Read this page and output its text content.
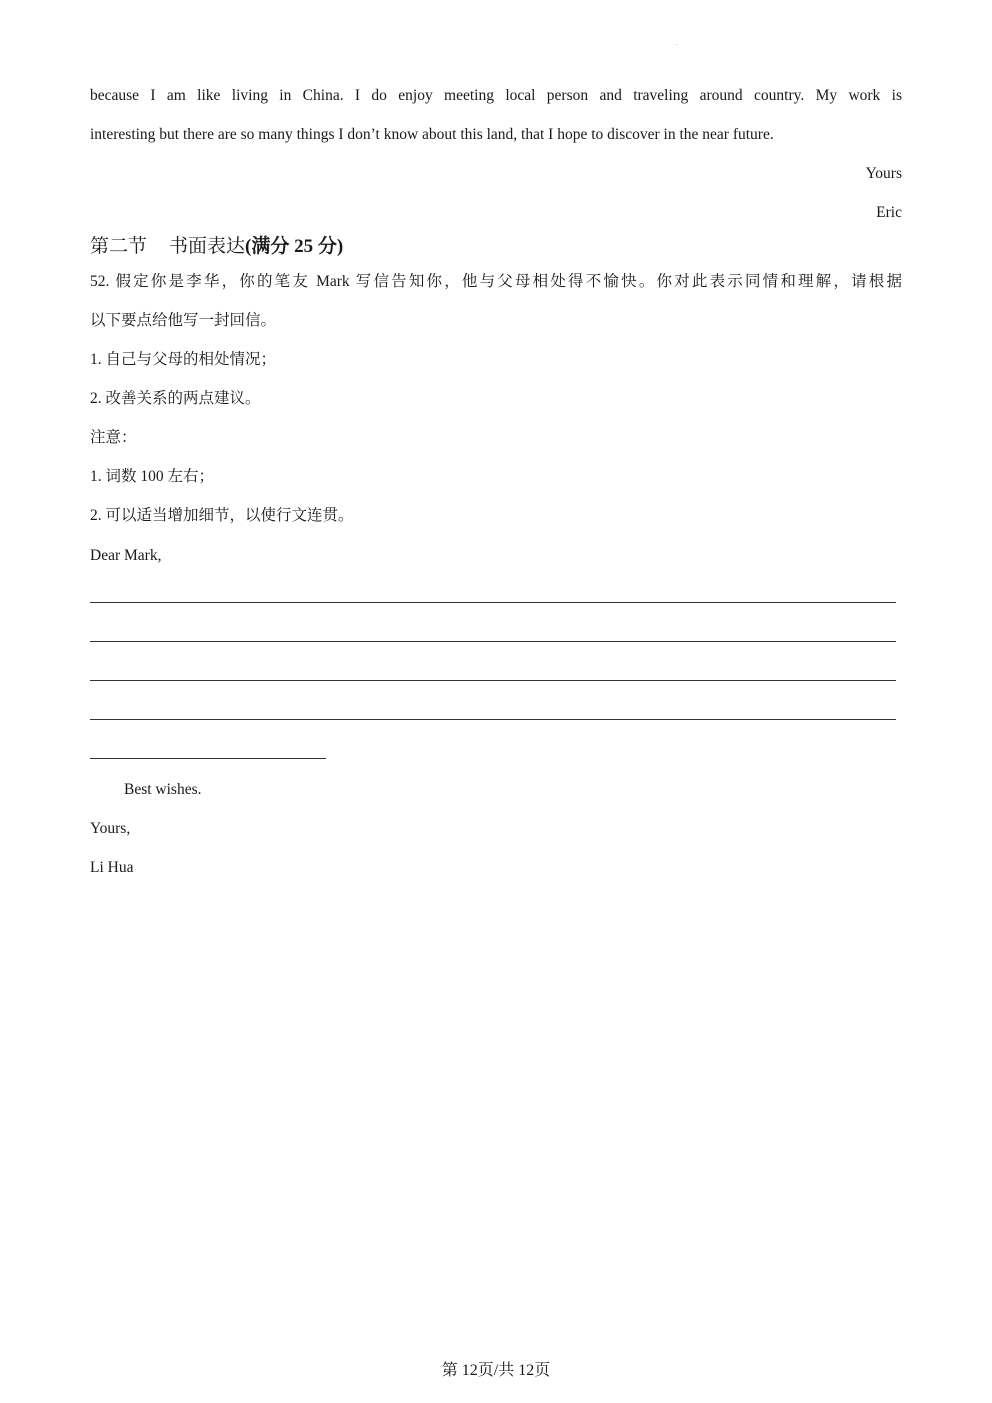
because I am like living in China. I do enjoy meeting local person and traveling around country. My work is
interesting but there are so many things I don’t know about this land, that I hope to discover in the near future.
Yours
Eric
第二节 书面表达(满分 25 分)
52. 假定你是李华，你的笔友 Mark 写信告知你，他与父母相处得不愉快。你对此表示同情和理解，请根据
以下要点给他写一封回信。
1. 自己与父母的相处情况；
2. 改善关系的两点建议。
注意：
1. 词数 100 左右；
2. 可以适当增加细节，以使行文连贯。
Dear Mark,
Best wishes.
Yours,
Li Hua
第 12页/共 12页
